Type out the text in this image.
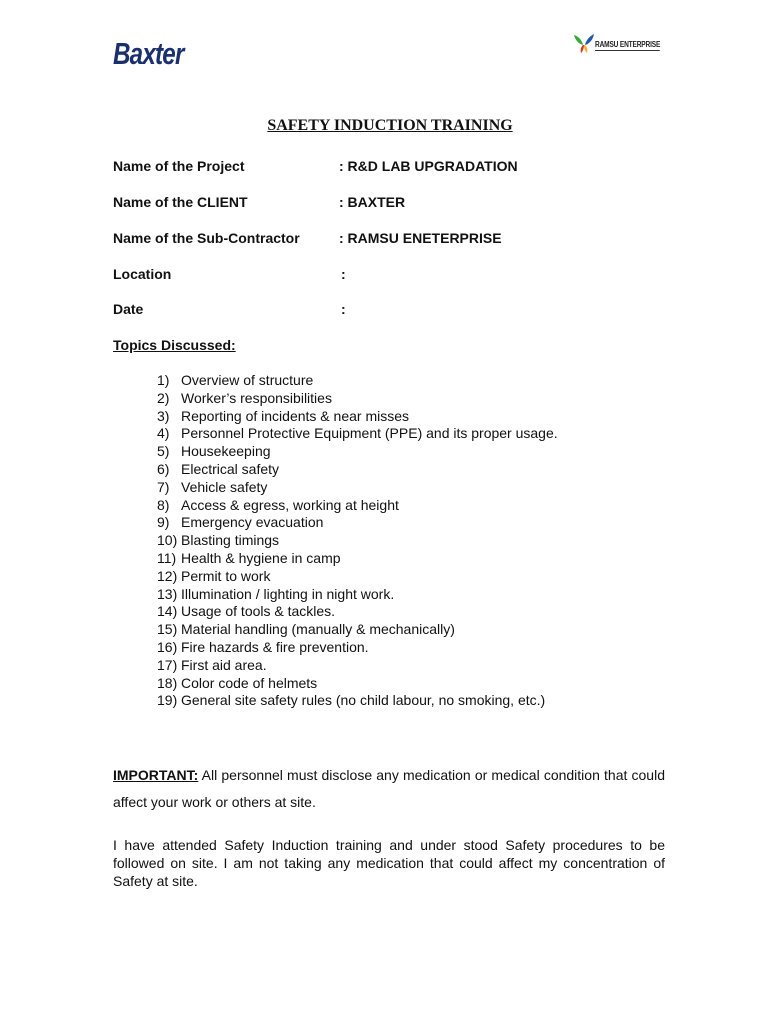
Baxter	RAMSU ENTERPRISE
SAFETY INDUCTION TRAINING
Name of the Project	: R&D LAB UPGRADATION
Name of the CLIENT	: BAXTER
Name of the Sub-Contractor	: RAMSU ENETERPRISE
Location	:
Date	:
Topics Discussed:
1) Overview of structure
2) Worker’s responsibilities
3) Reporting of incidents & near misses
4) Personnel Protective Equipment (PPE) and its proper usage.
5) Housekeeping
6) Electrical safety
7) Vehicle safety
8) Access & egress, working at height
9) Emergency evacuation
10) Blasting timings
11) Health & hygiene in camp
12) Permit to work
13) Illumination / lighting in night work.
14) Usage of tools & tackles.
15) Material handling (manually & mechanically)
16) Fire hazards & fire prevention.
17) First aid area.
18) Color code of helmets
19) General site safety rules (no child labour, no smoking, etc.)
IMPORTANT: All personnel must disclose any medication or medical condition that could affect your work or others at site.
I have attended Safety Induction training and under stood Safety procedures to be followed on site. I am not taking any medication that could affect my concentration of Safety at site.
